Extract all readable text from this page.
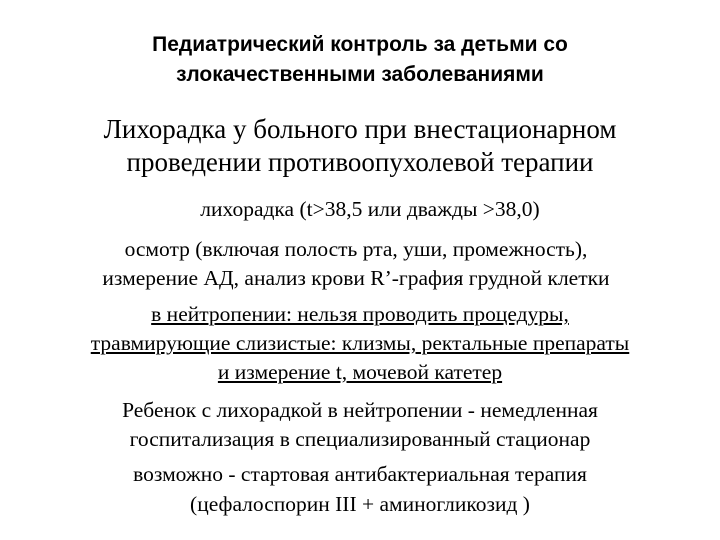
Педиатрический контроль за детьми со
злокачественными заболеваниями
Лихорадка у больного при внестационарном
проведении противоопухолевой терапии
лихорадка (t>38,5 или дважды >38,0)
осмотр (включая полость рта, уши, промежность),
измерение АД, анализ крови R’-графия грудной клетки
в нейтропении: нельзя проводить процедуры,
травмирующие слизистые: клизмы, ректальные препараты
и измерение t, мочевой катетер
Ребенок с лихорадкой в нейтропении - немедленная
госпитализация в специализированный стационар
возможно - стартовая антибактериальная терапия
(цефалоспорин III + аминогликозид )
